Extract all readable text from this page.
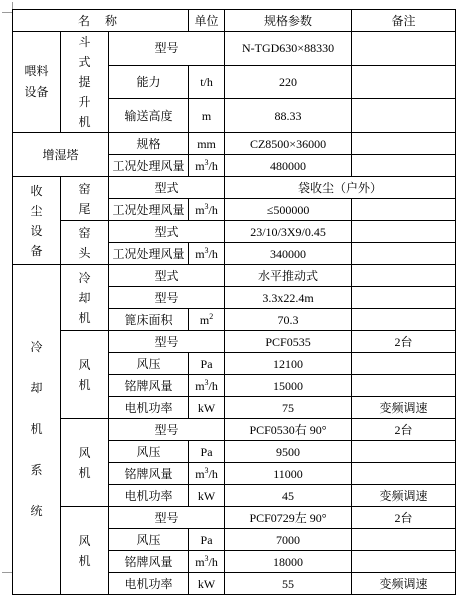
名 称			单位	规格参数	备注
喂料设备	斗式提升机	型号		N-TGD630×88330	
		能力	t/h	220	
		输送高度	m	88.33	
增湿塔		规格	mm	CZ8500×36000	
		工况处理风量	$m^3/h$	480000	
收尘设备	窑尾	型式		袋收尘（户外）	
		工况处理风量	$m^3/h$	≤500000	
	窑头	型式		23/10/3X9/0.45	
		工况处理风量	$m^3/h$	340000	
冷却机系统	冷却机	型式		水平推动式	
		型号		3.3x22.4m	
		篦床面积	$m^2$	70.3	
	风机	型号		PCF0535	2台
		风压	Pa	12100	
		铭牌风量	$m^3/h$	15000	
		电机功率	kW	75	变频调速
	风机	型号		PCF0530右 90°	2台
		风压	Pa	9500	
		铭牌风量	$m^3/h$	11000	
		电机功率	kW	45	变频调速
	风机	型号		PCF0729左 90°	2台
		风压	Pa	7000	
		铭牌风量	$m^3/h$	18000	
		电机功率	kW	55	变频调速
